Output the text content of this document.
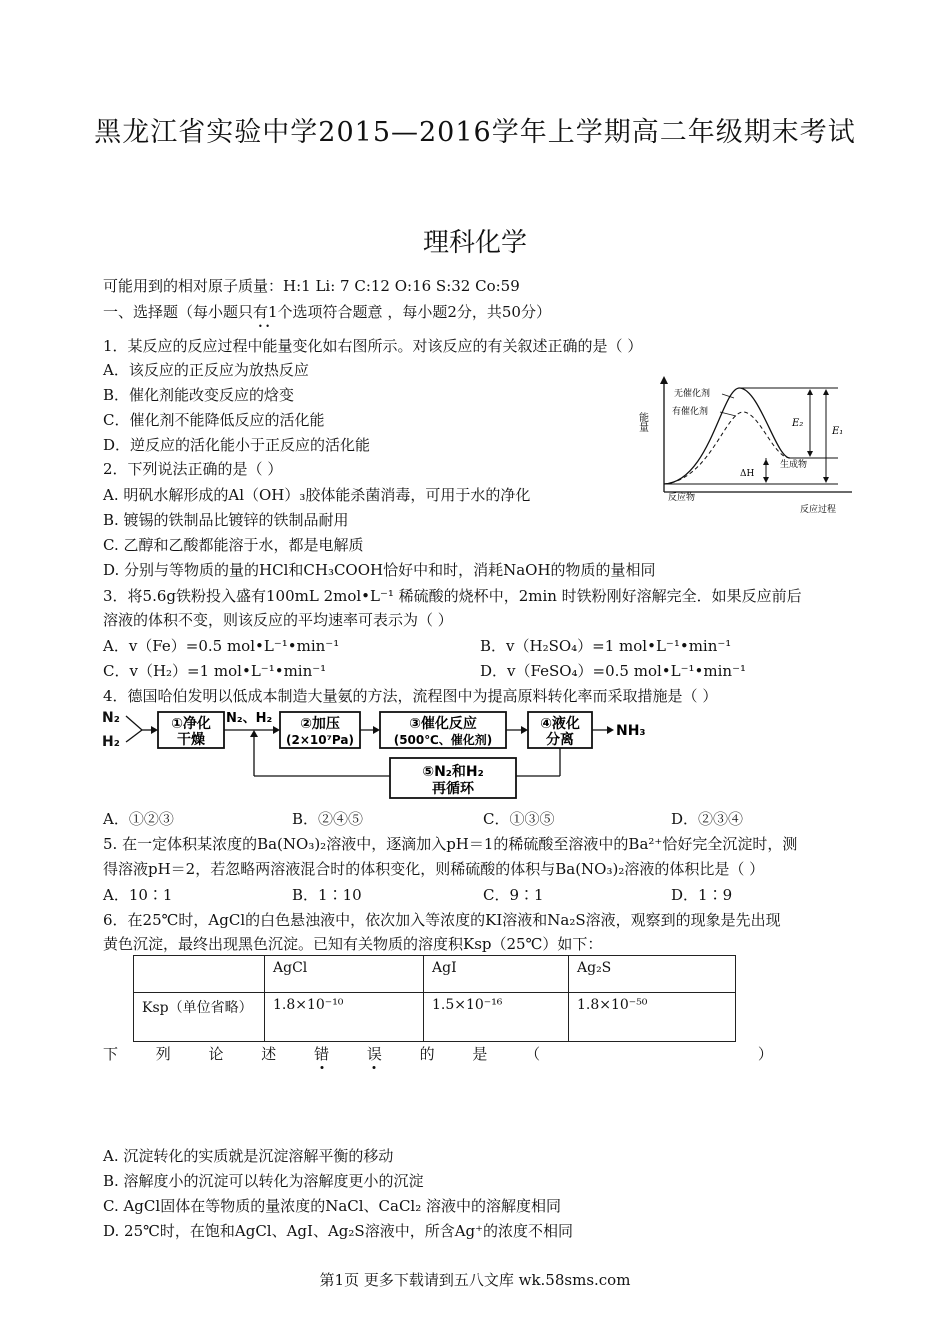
黑龙江省实验中学2015—2016学年上学期高二年级期末考试
理科化学
可能用到的相对原子质量：H:1 Li: 7 C:12 O:16 S:32 Co:59
一、选择题（每小题只有1个选项符合题意 ，每小题2分，共50分）
• •
1．某反应的反应过程中能量变化如右图所示。对该反应的有关叙述正确的是（ ）
A．该反应的正反应为放热反应
B．催化剂能改变反应的焓变
C．催化剂不能降低反应的活化能
D．逆反应的活化能小于正反应的活化能
能量
无催化剂
有催化剂
E₂
E₁
ΔH
生成物
反应物
反应过程
2．下列说法正确的是（ ）
A. 明矾水解形成的Al（OH）₃胶体能杀菌消毒，可用于水的净化
B. 镀锡的铁制品比镀锌的铁制品耐用
C. 乙醇和乙酸都能溶于水，都是电解质
D. 分别与等物质的量的HCl和CH₃COOH恰好中和时，消耗NaOH的物质的量相同
3．将5.6g铁粉投入盛有100mL 2mol•L⁻¹ 稀硫酸的烧杯中，2min 时铁粉刚好溶解完全．如果反应前后
溶液的体积不变，则该反应的平均速率可表示为（ ）
A．v（Fe）=0.5 mol•L⁻¹•min⁻¹	B．v（H₂SO₄）=1 mol•L⁻¹•min⁻¹
C．v（H₂）=1 mol•L⁻¹•min⁻¹	D．v（FeSO₄）=0.5 mol•L⁻¹•min⁻¹
4．德国哈伯发明以低成本制造大量氨的方法，流程图中为提高原料转化率而采取措施是（ ）
N₂
H₂
①净化
干燥
N₂、H₂ ②加压
(2×10⁷Pa)
③催化反应
(500℃、催化剂)
④液化
分离
NH₃
⑤N₂和H₂
再循环
A．①②③	B．②④⑤	C．①③⑤	D．②③④
5. 在一定体积某浓度的Ba(NO₃)₂溶液中，逐滴加入pH＝1的稀硫酸至溶液中的Ba²⁺恰好完全沉淀时，测
得溶液pH＝2，若忽略两溶液混合时的体积变化，则稀硫酸的体积与Ba(NO₃)₂溶液的体积比是（ ）
A．10∶1	B．1∶10	C．9∶1	D．1∶9
6．在25℃时，AgCl的白色悬浊液中，依次加入等浓度的KI溶液和Na₂S溶液，观察到的现象是先出现
黄色沉淀，最终出现黑色沉淀。已知有关物质的溶度积Ksp（25℃）如下：
	AgCl	AgI	Ag₂S
Ksp（单位省略）	1.8×10⁻¹⁰	1.5×10⁻¹⁶	1.8×10⁻⁵⁰
下	列	论	述	错	误	的	是	（	）
A. 沉淀转化的实质就是沉淀溶解平衡的移动
B. 溶解度小的沉淀可以转化为溶解度更小的沉淀
C. AgCl固体在等物质的量浓度的NaCl、CaCl₂ 溶液中的溶解度相同
D. 25℃时，在饱和AgCl、AgI、Ag₂S溶液中，所含Ag⁺的浓度不相同
第1页 更多下载请到五八文库 wk.58sms.com
